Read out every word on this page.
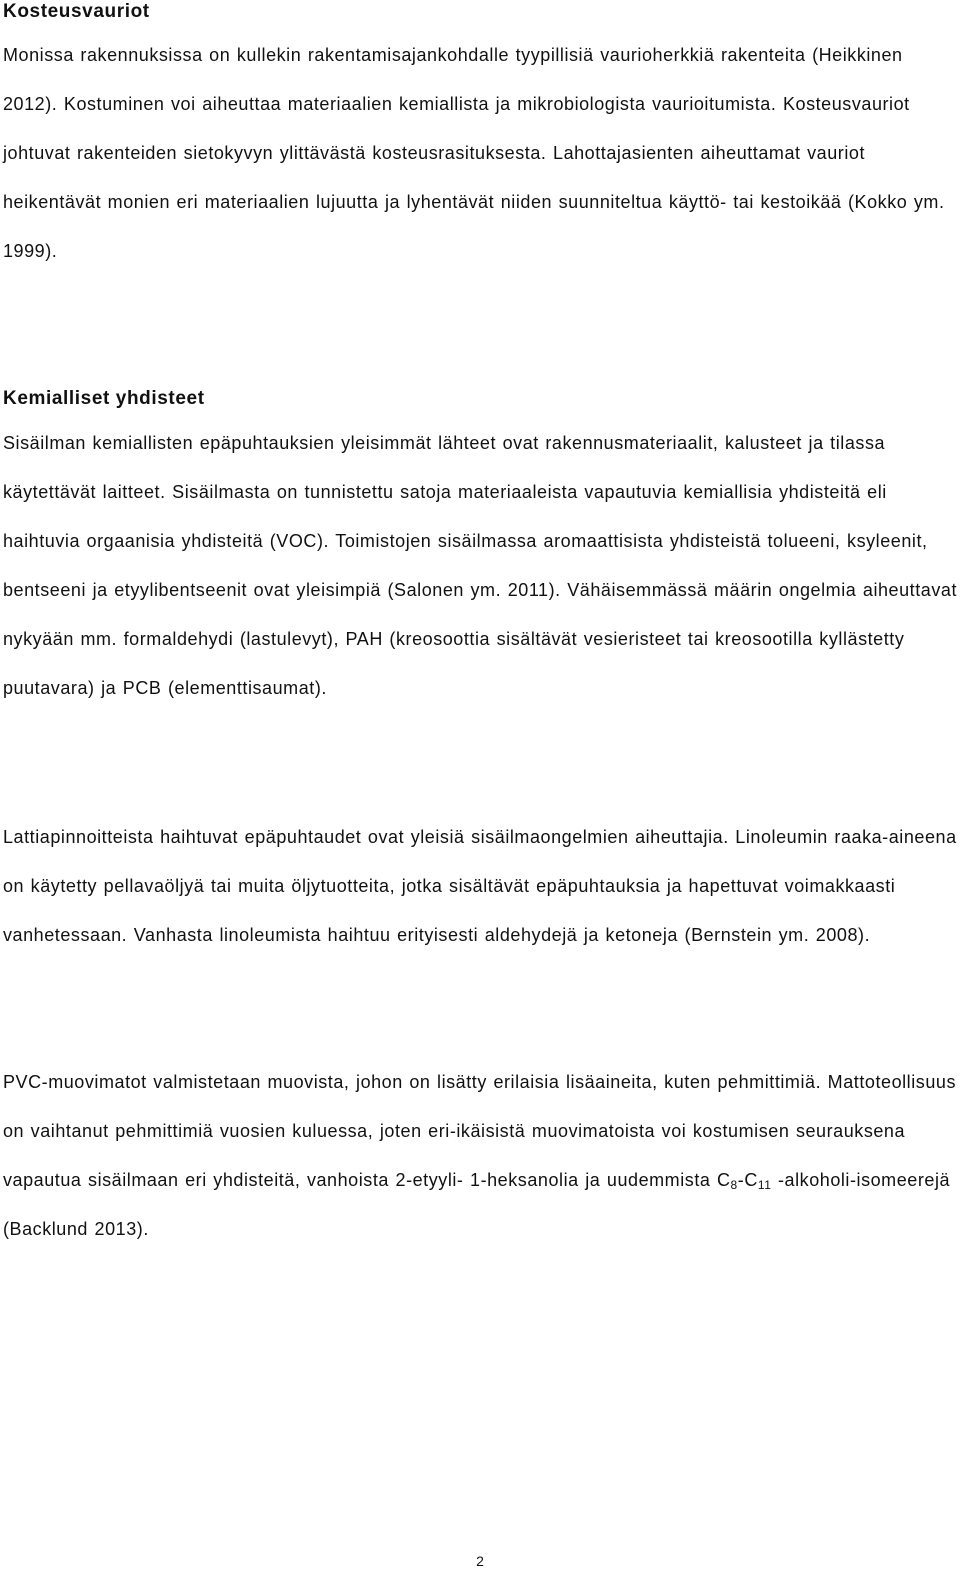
Kosteusvauriot

Monissa rakennuksissa on kullekin rakentamisajankohdalle tyypillisiä vaurioherkkiä rakenteita (Heikkinen 2012). Kostuminen voi aiheuttaa materiaalien kemiallista ja mikrobiologista vaurioitumista. Kosteusvauriot johtuvat rakenteiden sietokyvyn ylittävästä kosteusrasituksesta. Lahottajasienten aiheuttamat vauriot heikentävät monien eri materiaalien lujuutta ja lyhentävät niiden suunniteltua käyttö- tai kestoikää (Kokko ym. 1999).

Kemialliset yhdisteet

Sisäilman kemiallisten epäpuhtauksien yleisimmät lähteet ovat rakennusmateriaalit, kalusteet ja tilassa käytettävät laitteet. Sisäilmasta on tunnistettu satoja materiaaleista vapautuvia kemiallisia yhdisteitä eli haihtuvia orgaanisia yhdisteitä (VOC). Toimistojen sisäilmassa aromaattisista yhdisteistä tolueeni, ksyleenit, bentseeni ja etyylibentseenit ovat yleisimpiä (Salonen ym. 2011). Vähäisemmässä määrin ongelmia aiheuttavat nykyään mm. formaldehydi (lastulevyt), PAH (kreosoottia sisältävät vesieristeet tai kreosootilla kyllästetty puutavara) ja PCB (elementtisaumat).

Lattiapinnoitteista haihtuvat epäpuhtaudet ovat yleisiä sisäilmaongelmien aiheuttajia. Linoleumin raaka-aineena on käytetty pellavaöljyä tai muita öljytuotteita, jotka sisältävät epäpuhtauksia ja hapettuvat voimakkaasti vanhetessaan. Vanhasta linoleumista haihtuu erityisesti aldehydejä ja ketoneja (Bernstein ym. 2008).

PVC-muovimatot valmistetaan muovista, johon on lisätty erilaisia lisäaineita, kuten pehmittimiä. Mattoteollisuus on vaihtanut pehmittimiä vuosien kuluessa, joten eri-ikäisistä muovimatoista voi kostumisen seurauksena vapautua sisäilmaan eri yhdisteitä, vanhoista 2-etyyli- 1-heksanolia ja uudemmista $C_8-C_{11}$ -alkoholi-isomeerejä (Backlund 2013).

2
